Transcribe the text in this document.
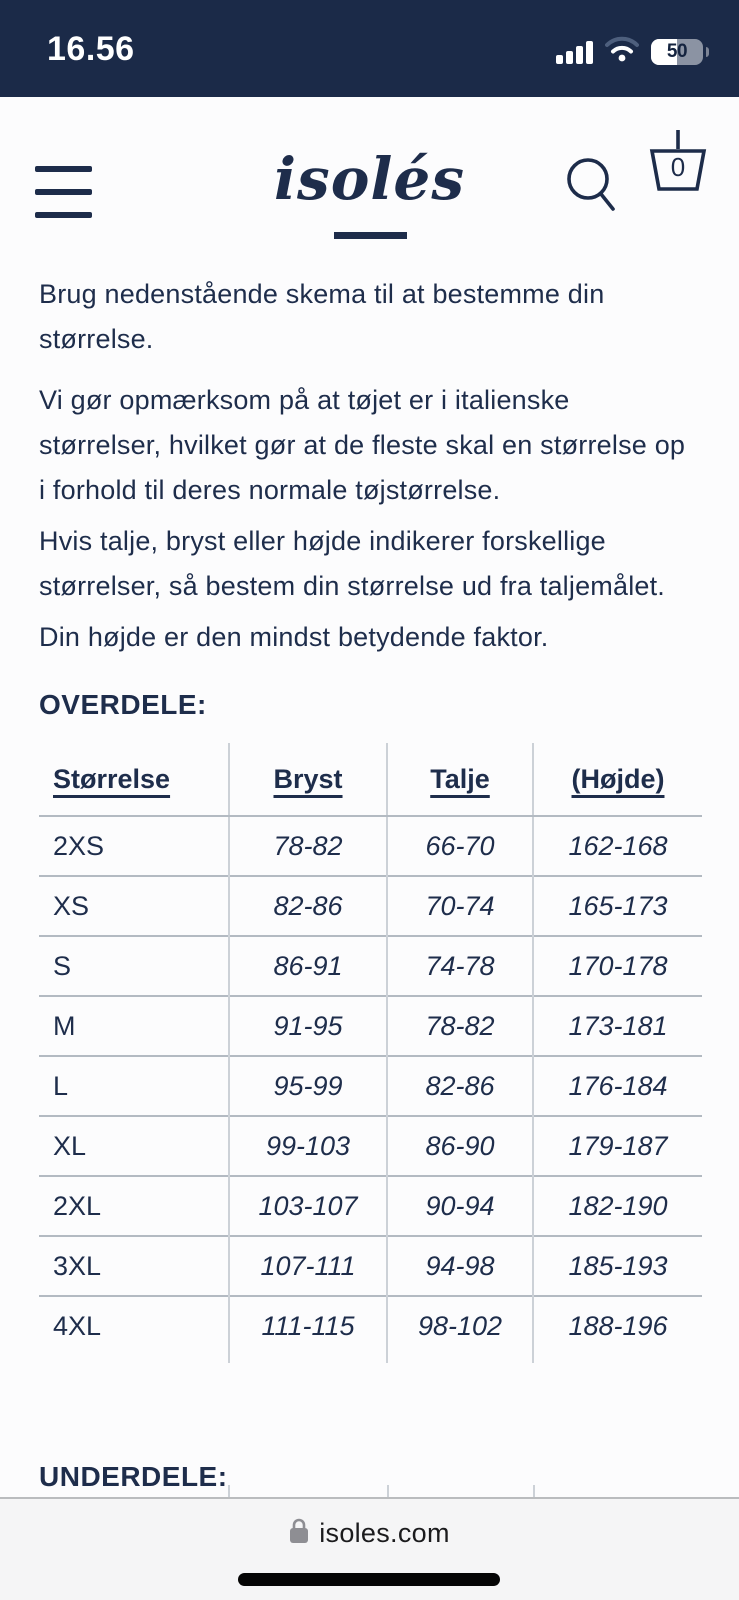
16.56	50
isolés	0

Brug nedenstående skema til at bestemme din størrelse.

Vi gør opmærksom på at tøjet er i italienske størrelser, hvilket gør at de fleste skal en størrelse op i forhold til deres normale tøjstørrelse.

Hvis talje, bryst eller højde indikerer forskellige størrelser, så bestem din størrelse ud fra taljemålet.

Din højde er den mindst betydende faktor.

OVERDELE:
Størrelse	Bryst	Talje	(Højde)
2XS	78-82	66-70	162-168
XS	82-86	70-74	165-173
S	86-91	74-78	170-178
M	91-95	78-82	173-181
L	95-99	82-86	176-184
XL	99-103	86-90	179-187
2XL	103-107	90-94	182-190
3XL	107-111	94-98	185-193
4XL	111-115	98-102	188-196

UNDERDELE:
isoles.com
